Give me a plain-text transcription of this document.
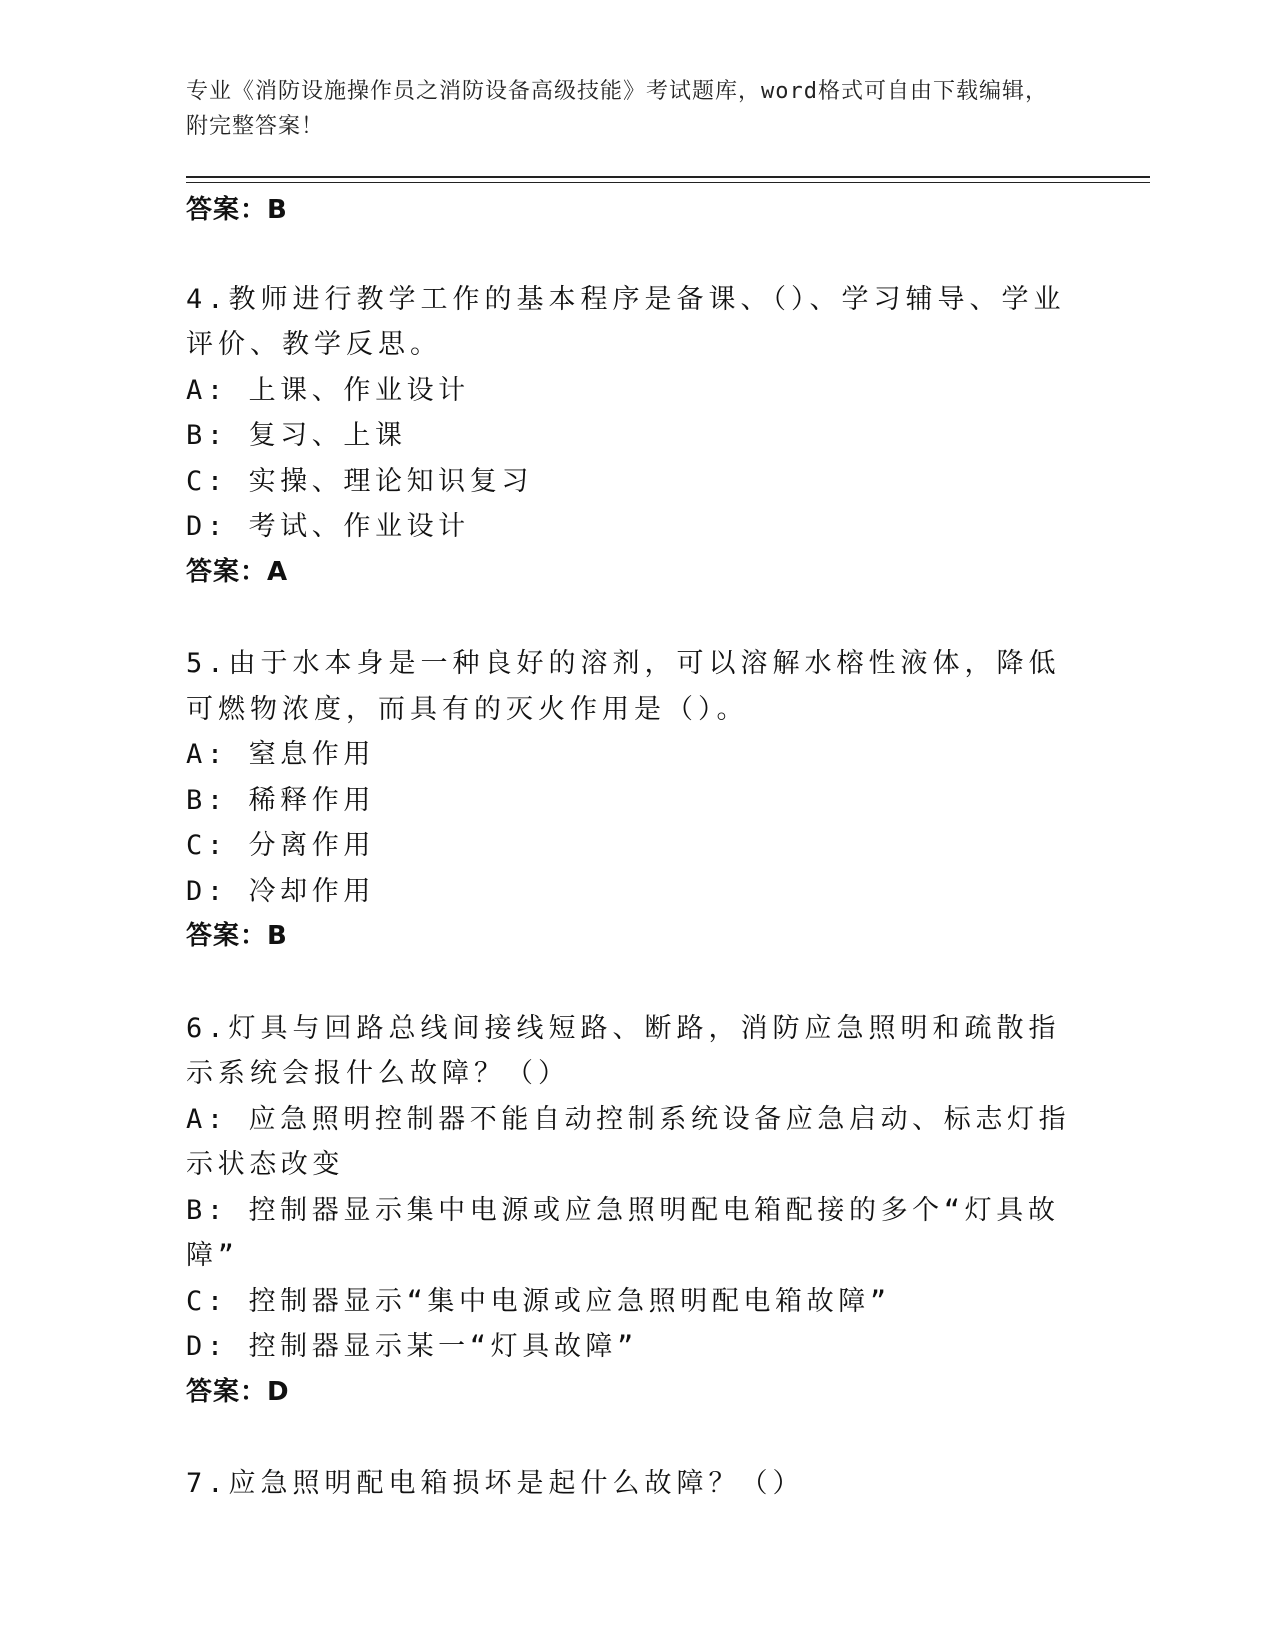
专业《消防设施操作员之消防设备高级技能》考试题库，word格式可自由下载编辑，附完整答案！
答案：B
4.教师进行教学工作的基本程序是备课、（）、学习辅导、学业评价、教学反思。
A: 上课、作业设计
B: 复习、上课
C: 实操、理论知识复习
D: 考试、作业设计
答案：A
5.由于水本身是一种良好的溶剂，可以溶解水榕性液体，降低可燃物浓度，而具有的灭火作用是（）。
A: 窒息作用
B: 稀释作用
C: 分离作用
D: 冷却作用
答案：B
6.灯具与回路总线间接线短路、断路，消防应急照明和疏散指示系统会报什么故障？（）
A: 应急照明控制器不能自动控制系统设备应急启动、标志灯指示状态改变
B: 控制器显示集中电源或应急照明配电箱配接的多个“灯具故障”
C: 控制器显示“集中电源或应急照明配电箱故障”
D: 控制器显示某一“灯具故障”
答案：D
7.应急照明配电箱损坏是起什么故障？（）
